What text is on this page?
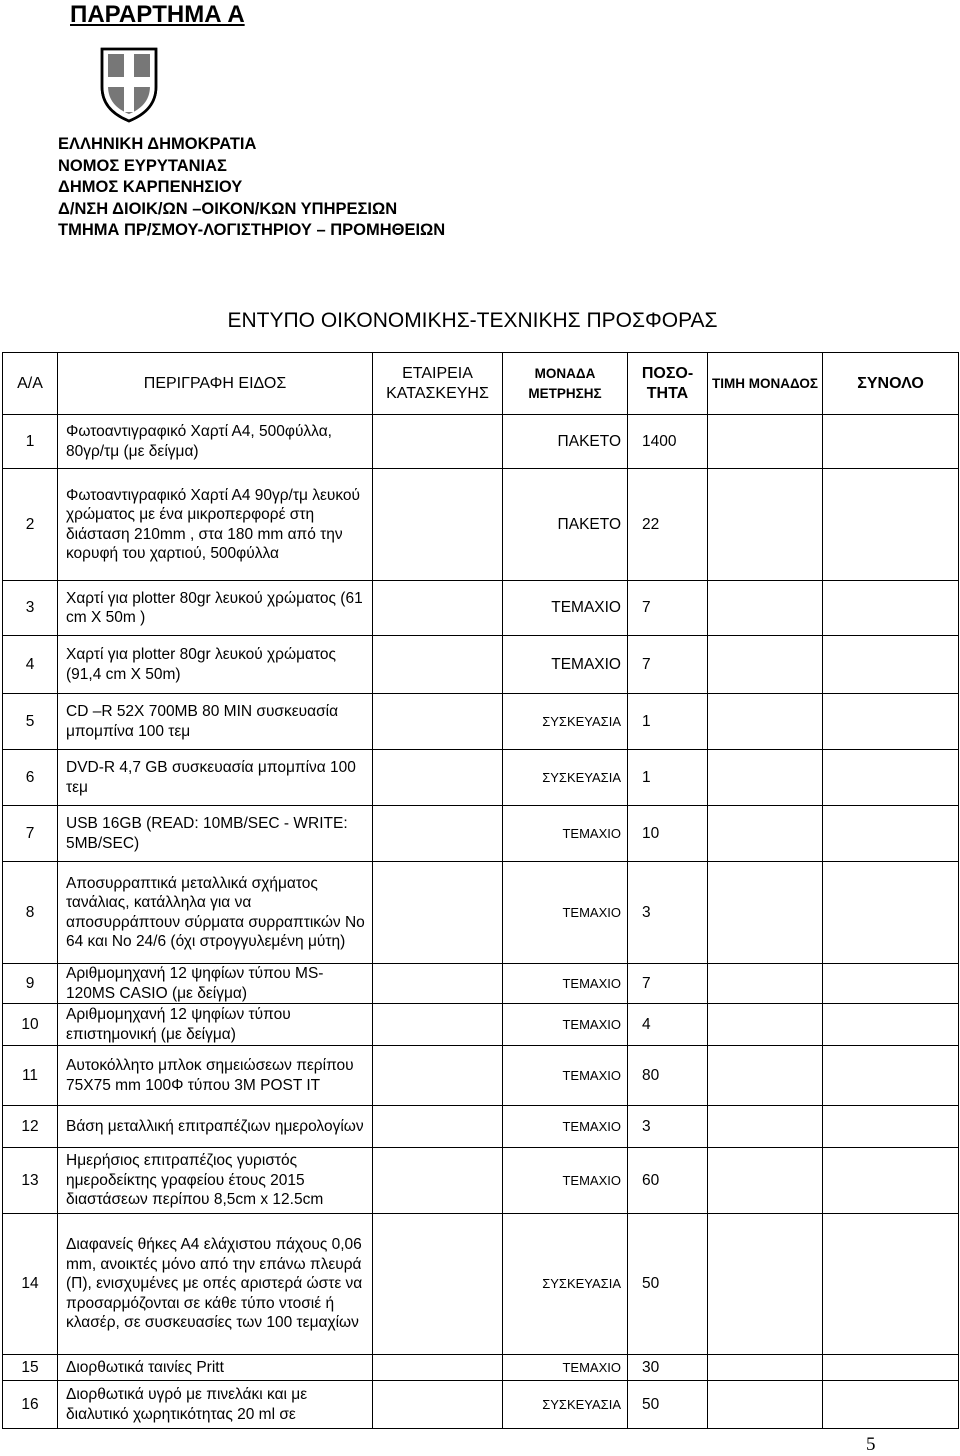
ΠΑΡΑΡΤΗΜΑ Α
ΕΛΛΗΝΙΚΗ ΔΗΜΟΚΡΑΤΙΑ
ΝΟΜΟΣ ΕΥΡΥΤΑΝΙΑΣ
ΔΗΜΟΣ ΚΑΡΠΕΝΗΣΙΟΥ
Δ/ΝΣΗ ΔΙΟΙΚ/ΩΝ –ΟΙΚΟΝ/ΚΩΝ ΥΠΗΡΕΣΙΩΝ
ΤΜΗΜΑ ΠΡ/ΣΜΟΥ-ΛΟΓΙΣΤΗΡΙΟΥ – ΠΡΟΜΗΘΕΙΩΝ
ΕΝΤΥΠΟ ΟΙΚΟΝΟΜΙΚΗΣ-ΤΕΧΝΙΚΗΣ ΠΡΟΣΦΟΡΑΣ
Α/Α	ΠΕΡΙΓΡΑΦΗ ΕΙΔΟΣ	ΕΤΑΙΡΕΙΑ ΚΑΤΑΣΚΕΥΗΣ	ΜΟΝΑΔΑ ΜΕΤΡΗΣΗΣ	ΠΟΣΟ-ΤΗΤΑ	ΤΙΜΗ ΜΟΝΑΔΟΣ	ΣΥΝΟΛΟ
1	Φωτοαντιγραφικό Χαρτί Α4, 500φύλλα, 80γρ/τμ (με δείγμα)		ΠΑΚΕΤΟ	1400		
2	Φωτοαντιγραφικό Χαρτί Α4 90γρ/τμ λευκού χρώματος με ένα μικροπερφορέ στη διάσταση 210mm , στα 180 mm από την κορυφή του χαρτιού, 500φύλλα		ΠΑΚΕΤΟ	22		
3	Χαρτί για plotter 80gr λευκού χρώματος (61 cm X 50m )		ΤΕΜΑΧΙΟ	7		
4	Χαρτί για plotter 80gr λευκού χρώματος (91,4 cm X 50m)		ΤΕΜΑΧΙΟ	7		
5	CD –R 52X 700MB 80 MIN συσκευασία μπομπίνα 100 τεμ		ΣΥΣΚΕΥΑΣΙΑ	1		
6	DVD-R 4,7 GB συσκευασία μπομπίνα 100 τεμ		ΣΥΣΚΕΥΑΣΙΑ	1		
7	USB 16GB (READ: 10MB/SEC - WRITE: 5MB/SEC)		ΤΕΜΑΧΙΟ	10		
8	Αποσυρραπτικά μεταλλικά σχήματος τανάλιας, κατάλληλα για να αποσυρράπτουν σύρματα συρραπτικών Νο 64 και Νο 24/6 (όχι στρογγυλεμένη μύτη)		ΤΕΜΑΧΙΟ	3		
9	Αριθμομηχανή 12 ψηφίων τύπου MS-120MS CASIO (με δείγμα)		ΤΕΜΑΧΙΟ	7		
10	Αριθμομηχανή 12 ψηφίων τύπου επιστημονική (με δείγμα)		ΤΕΜΑΧΙΟ	4		
11	Αυτοκόλλητο μπλοκ σημειώσεων περίπου 75Χ75 mm 100Φ τύπου 3M POST IT		ΤΕΜΑΧΙΟ	80		
12	Βάση μεταλλική επιτραπέζιων ημερολογίων		ΤΕΜΑΧΙΟ	3		
13	Ημερήσιος επιτραπέζιος γυριστός ημεροδείκτης γραφείου έτους 2015 διαστάσεων περίπου 8,5cm x 12.5cm		ΤΕΜΑΧΙΟ	60		
14	Διαφανείς θήκες Α4 ελάχιστου πάχους 0,06 mm, ανοικτές μόνο από την επάνω πλευρά (Π), ενισχυμένες με οπές αριστερά ώστε να προσαρμόζονται σε κάθε τύπο ντοσιέ ή κλασέρ, σε συσκευασίες των 100 τεμαχίων		ΣΥΣΚΕΥΑΣΙΑ	50		
15	Διορθωτικά ταινίες Pritt		ΤΕΜΑΧΙΟ	30		
16	Διορθωτικά υγρό με πινελάκι και με διαλυτικό χωρητικότητας 20 ml σε		ΣΥΣΚΕΥΑΣΙΑ	50		
5
